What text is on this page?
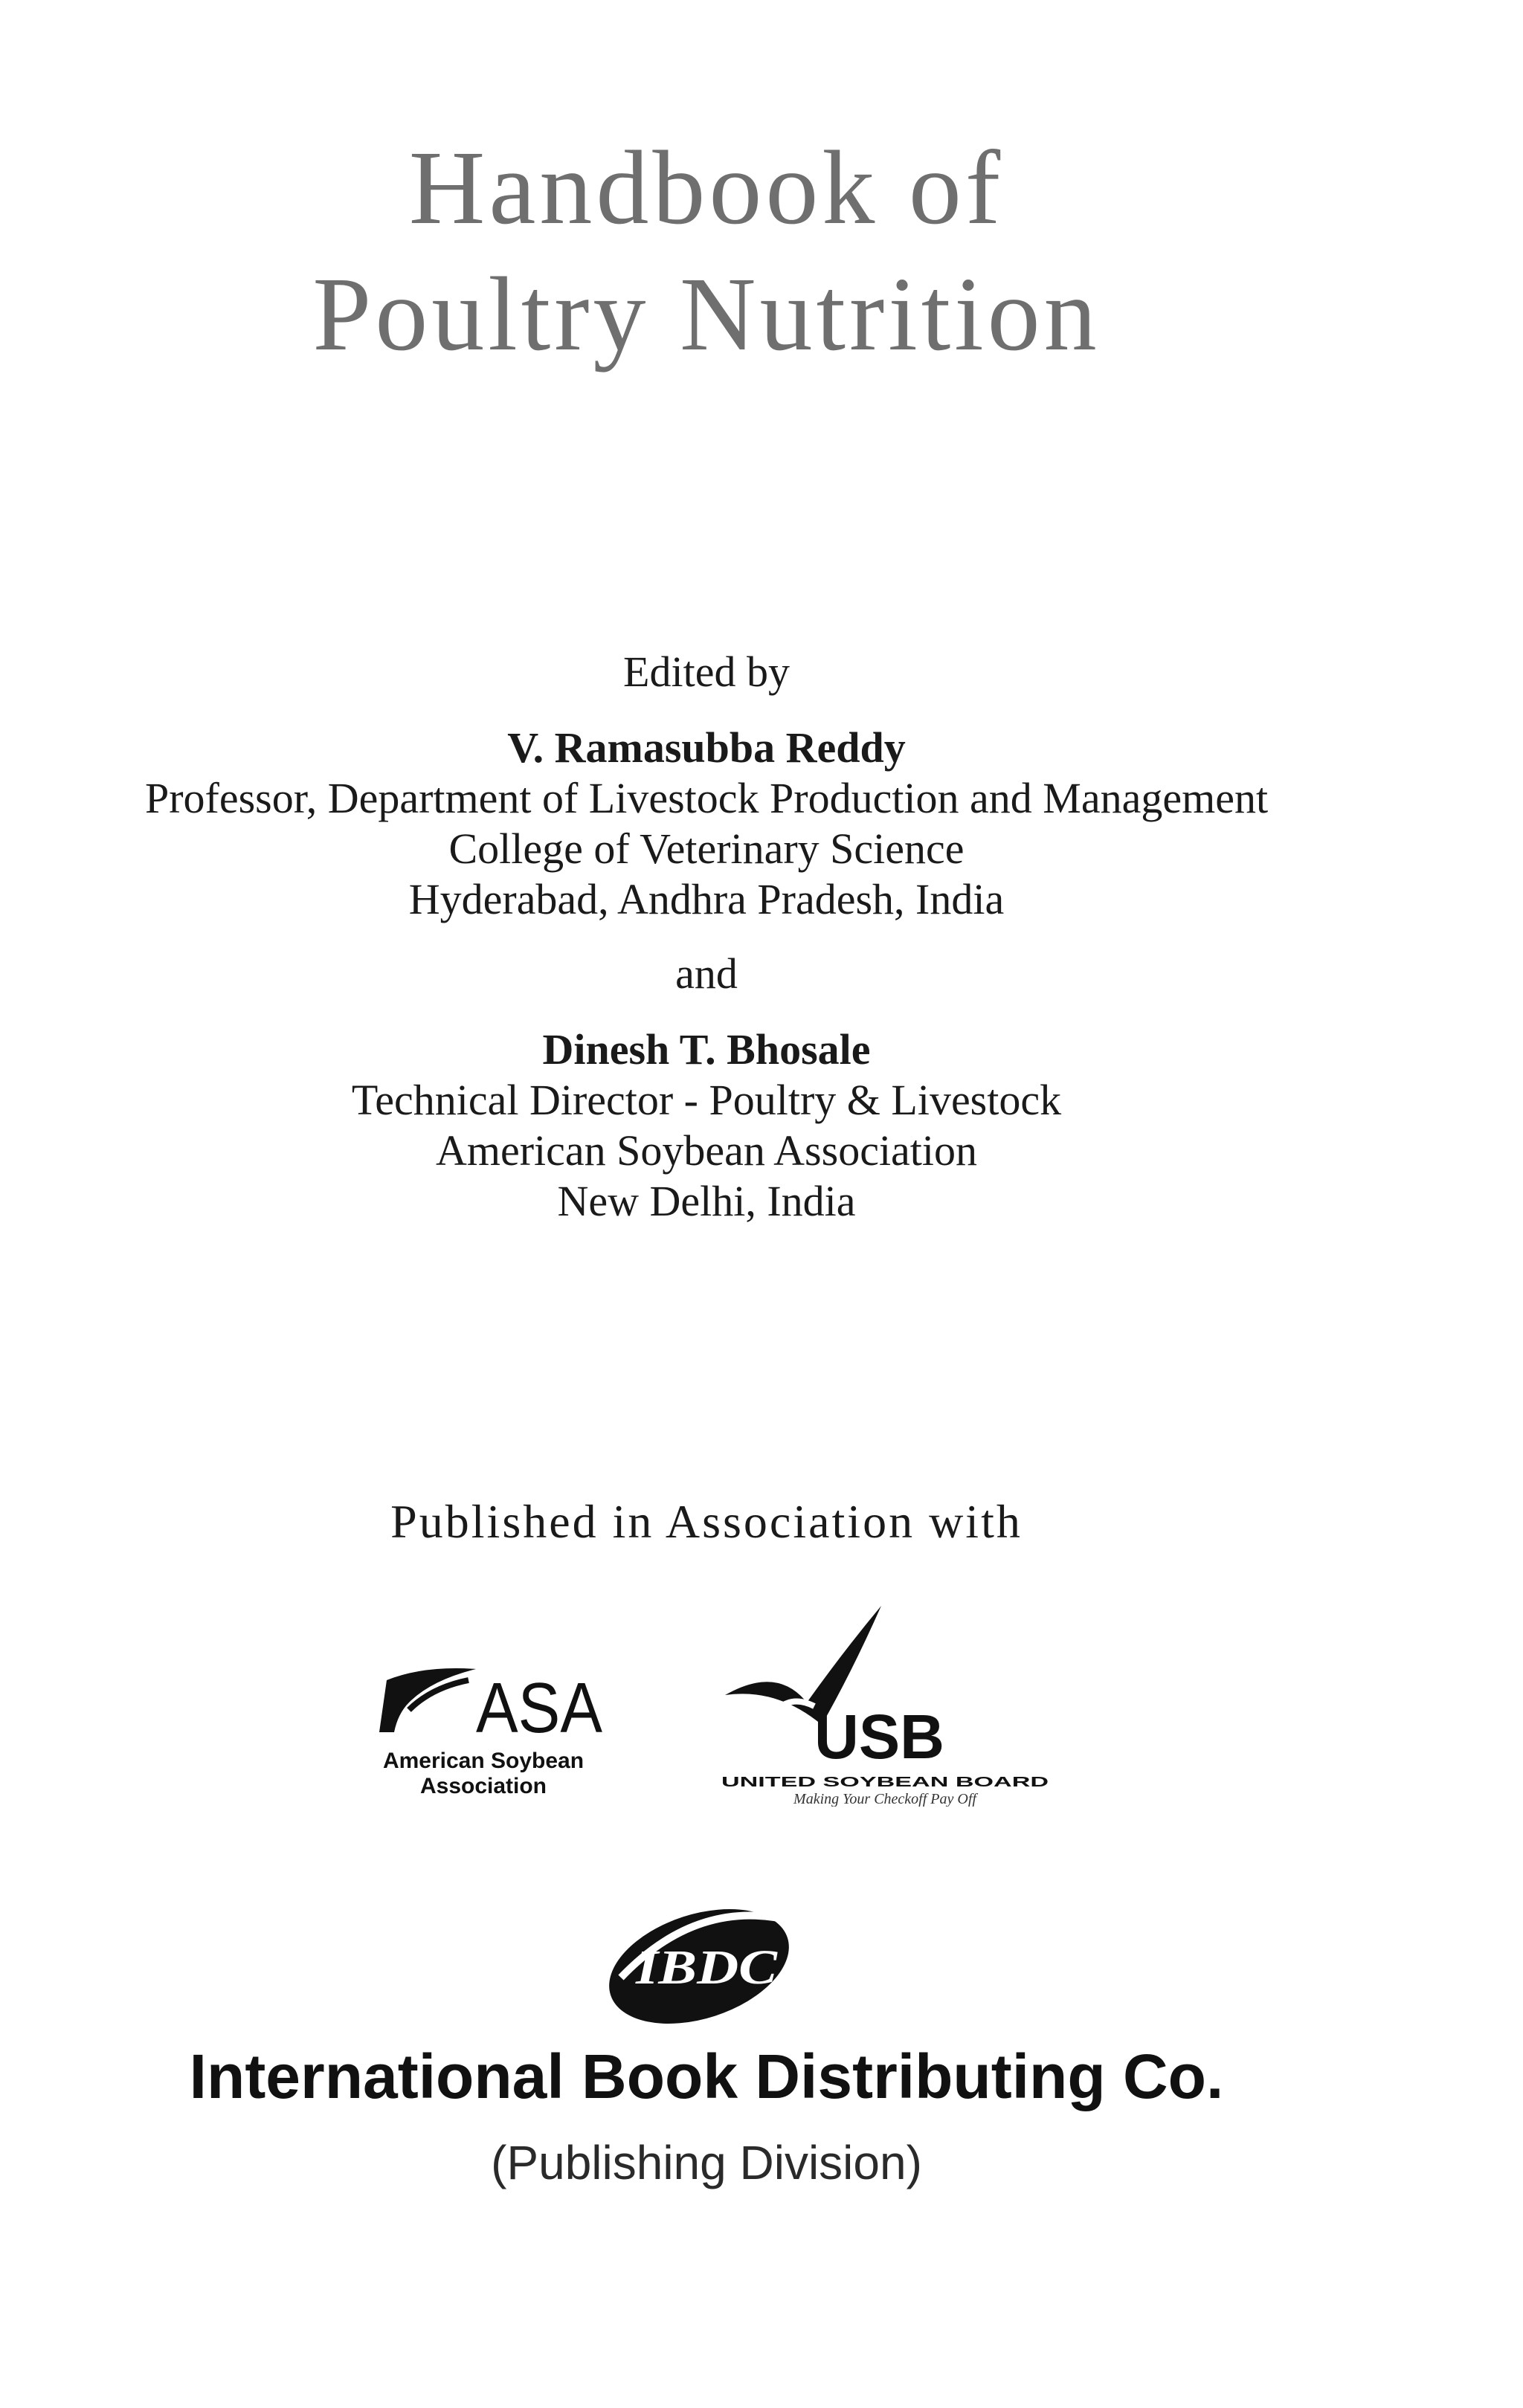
Handbook of
Poultry Nutrition
Edited by
V. Ramasubba Reddy
Professor, Department of Livestock Production and Management
College of Veterinary Science
Hyderabad, Andhra Pradesh, India
and
Dinesh T. Bhosale
Technical Director - Poultry & Livestock
American Soybean Association
New Delhi, India
Published in Association with
ASA
American Soybean
Association
USB
UNITED SOYBEAN BOARD
Making Your Checkoff Pay Off
IBDC
International Book Distributing Co.
(Publishing Division)
